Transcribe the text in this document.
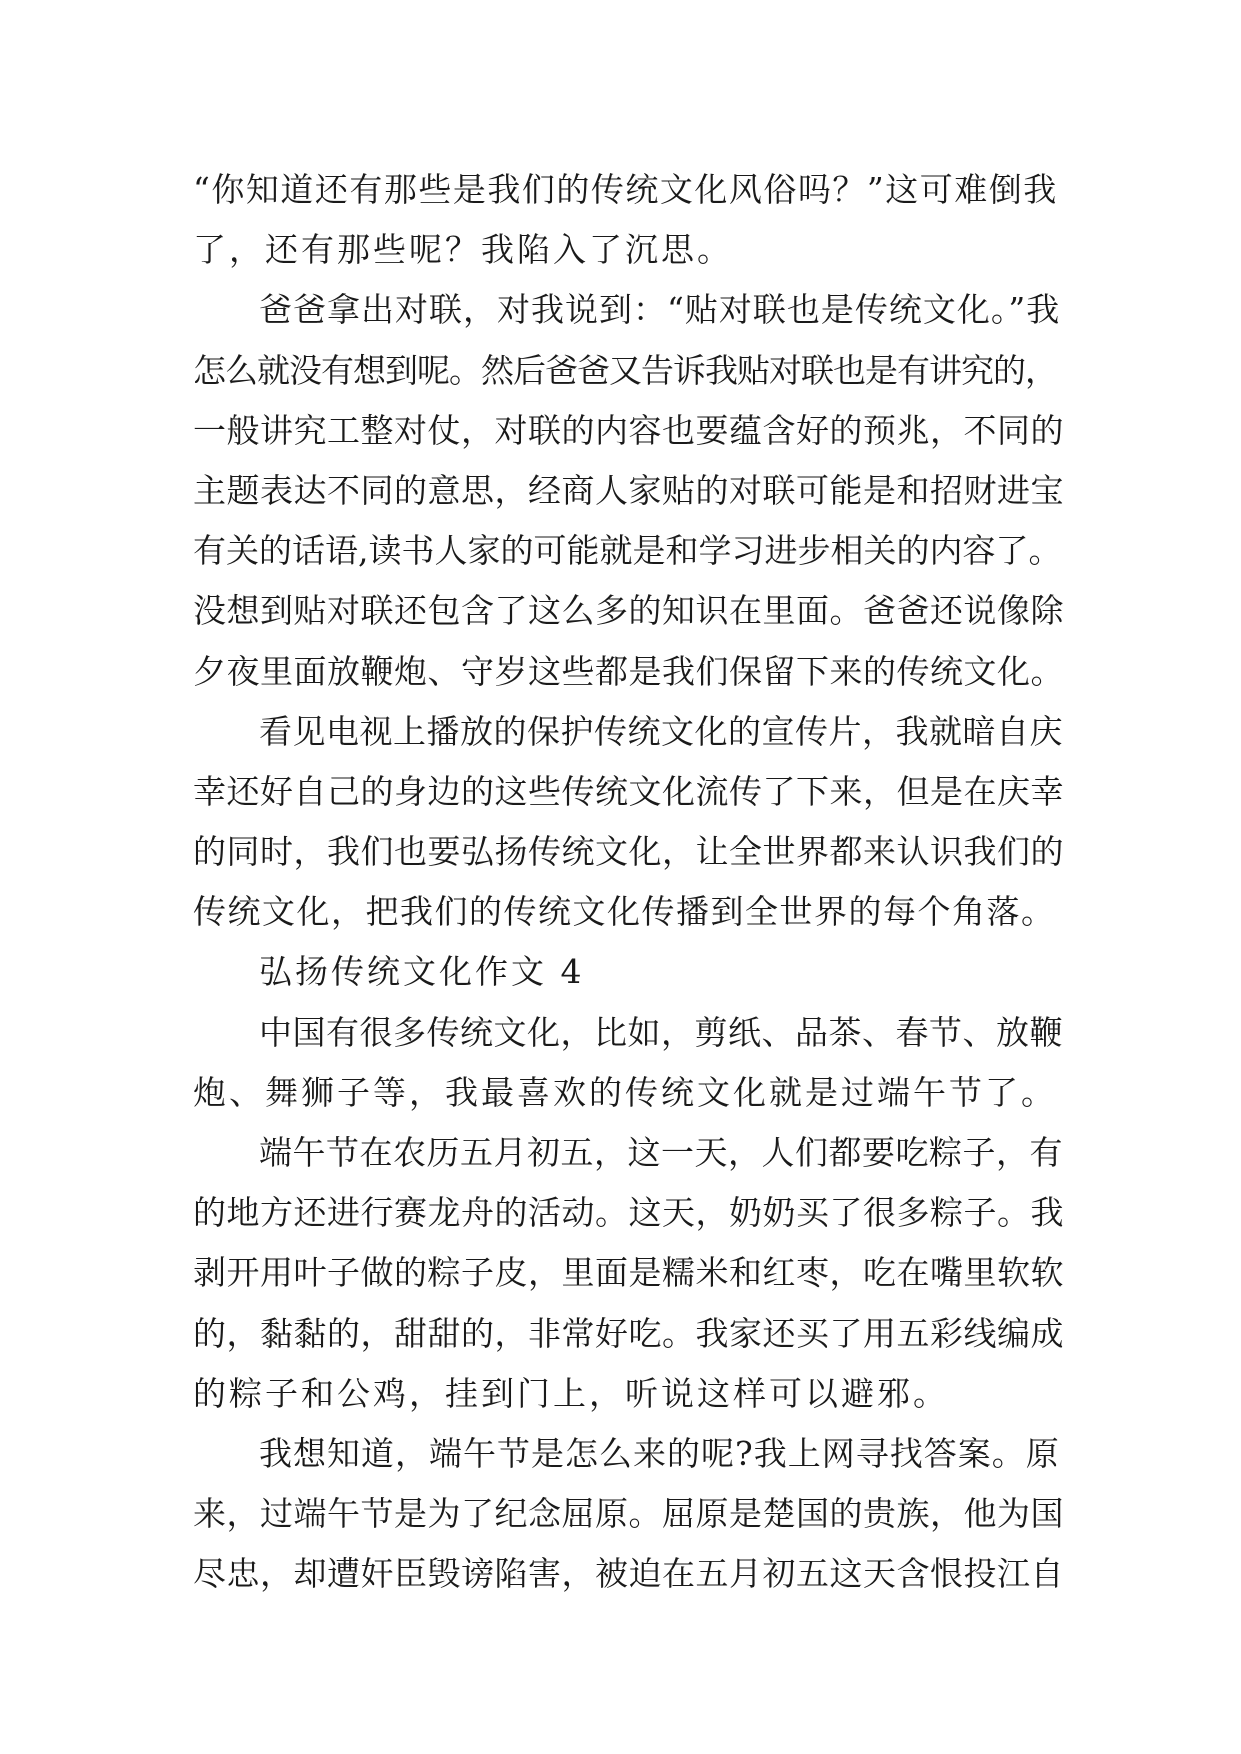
“你知道还有那些是我们的传统文化风俗吗？”这可难倒我
了，还有那些呢？我陷入了沉思。
爸爸拿出对联，对我说到：“贴对联也是传统文化。”我
怎么就没有想到呢。然后爸爸又告诉我贴对联也是有讲究的，
一般讲究工整对仗，对联的内容也要蕴含好的预兆，不同的
主题表达不同的意思，经商人家贴的对联可能是和招财进宝
有关的话语,读书人家的可能就是和学习进步相关的内容了。
没想到贴对联还包含了这么多的知识在里面。爸爸还说像除
夕夜里面放鞭炮、守岁这些都是我们保留下来的传统文化。
看见电视上播放的保护传统文化的宣传片，我就暗自庆
幸还好自己的身边的这些传统文化流传了下来，但是在庆幸
的同时，我们也要弘扬传统文化，让全世界都来认识我们的
传统文化，把我们的传统文化传播到全世界的每个角落。
弘扬传统文化作文 4
中国有很多传统文化，比如，剪纸、品茶、春节、放鞭
炮、舞狮子等，我最喜欢的传统文化就是过端午节了。
端午节在农历五月初五，这一天，人们都要吃粽子，有
的地方还进行赛龙舟的活动。这天，奶奶买了很多粽子。我
剥开用叶子做的粽子皮，里面是糯米和红枣，吃在嘴里软软
的，黏黏的，甜甜的，非常好吃。我家还买了用五彩线编成
的粽子和公鸡，挂到门上，听说这样可以避邪。
我想知道，端午节是怎么来的呢?我上网寻找答案。原
来，过端午节是为了纪念屈原。屈原是楚国的贵族，他为国
尽忠，却遭奸臣毁谤陷害，被迫在五月初五这天含恨投江自
